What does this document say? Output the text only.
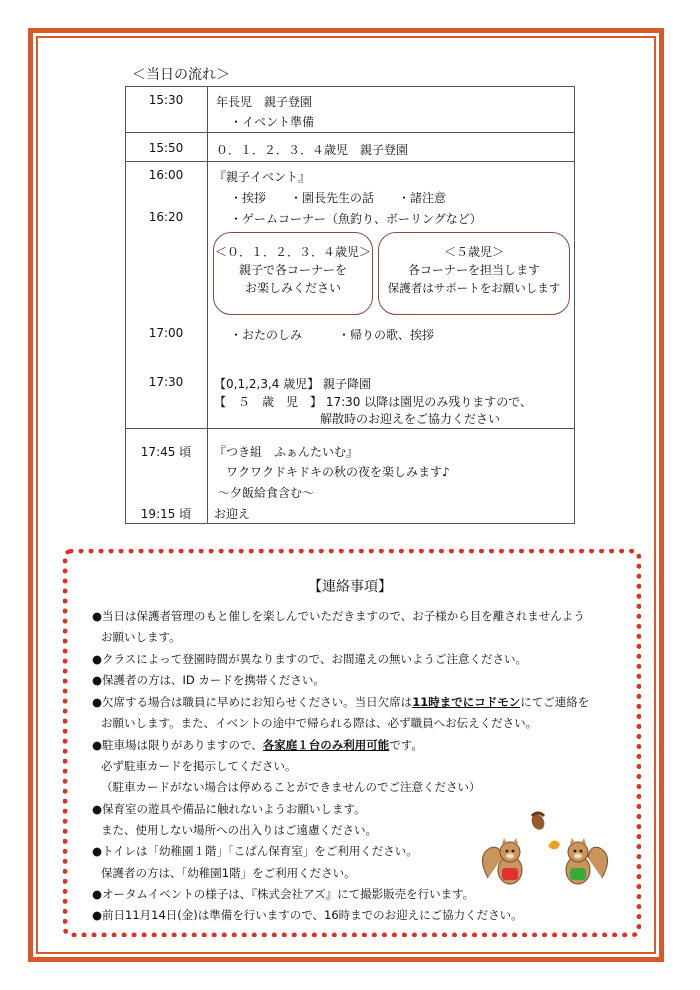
＜当日の流れ＞
15:30	年長児　親子登園
・イベント準備
15:50	０．１．２．３．４歳児　親子登園
16:00
16:20
17:00
17:30
『親子イベント』
・挨拶　　・園長先生の話　　・諸注意
・ゲームコーナー（魚釣り、ボーリングなど）
＜０．１．２．３．４歳児＞
親子で各コーナーを
お楽しみください
＜５歳児＞
各コーナーを担当します
保護者はサポートをお願いします
・おたのしみ　　　・帰りの歌、挨拶
【0,1,2,3,4 歳児】 親子降園
【　５　歳　児　】 17:30 以降は園児のみ残りますので、
解散時のお迎えをご協力ください
17:45 頃
19:15 頃
『つき組　ふぁんたいむ』
ワクワクドキドキの秋の夜を楽しみます♪
～夕飯給食含む～
お迎え
【連絡事項】
●当日は保護者管理のもと催しを楽しんでいただきますので、お子様から目を離されませんよう
お願いします。
●クラスによって登園時間が異なりますので、お間違えの無いようご注意ください。
●保護者の方は、ID カードを携帯ください。
●欠席する場合は職員に早めにお知らせください。当日欠席は11時までにコドモンにてご連絡を
お願いします。また、イベントの途中で帰られる際は、必ず職員へお伝えください。
●駐車場は限りがありますので、各家庭１台のみ利用可能です。
必ず駐車カードを掲示してください。
（駐車カードがない場合は停めることができませんのでご注意ください）
●保育室の遊具や備品に触れないようお願いします。
また、使用しない場所への出入りはご遠慮ください。
●トイレは「幼稚園１階」「こぱん保育室」をご利用ください。
保護者の方は、「幼稚園1階」をご利用ください。
●オータムイベントの様子は、『株式会社アズ』にて撮影販売を行います。
●前日11月14日(金)は準備を行いますので、16時までのお迎えにご協力ください。
